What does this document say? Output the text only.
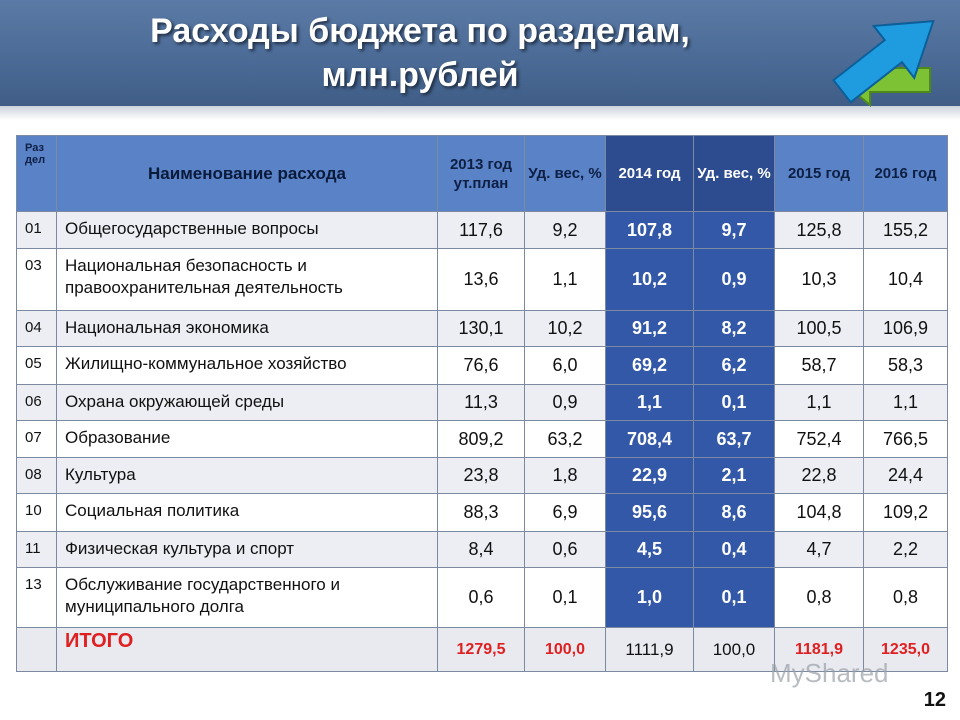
Расходы бюджета по разделам,
млн.рублей
Раз дел	Наименование расхода	2013 год ут.план	Уд. вес, %	2014 год	Уд. вес, %	2015 год	2016 год
01	Общегосударственные вопросы	117,6	9,2	107,8	9,7	125,8	155,2
03	Национальная безопасность и правоохранительная деятельность	13,6	1,1	10,2	0,9	10,3	10,4
04	Национальная экономика	130,1	10,2	91,2	8,2	100,5	106,9
05	Жилищно-коммунальное хозяйство	76,6	6,0	69,2	6,2	58,7	58,3
06	Охрана окружающей среды	11,3	0,9	1,1	0,1	1,1	1,1
07	Образование	809,2	63,2	708,4	63,7	752,4	766,5
08	Культура	23,8	1,8	22,9	2,1	22,8	24,4
10	Социальная политика	88,3	6,9	95,6	8,6	104,8	109,2
11	Физическая культура и спорт	8,4	0,6	4,5	0,4	4,7	2,2
13	Обслуживание государственного и муниципального долга	0,6	0,1	1,0	0,1	0,8	0,8
	ИТОГО	1279,5	100,0	1111,9	100,0	1181,9	1235,0
MyShared
12
